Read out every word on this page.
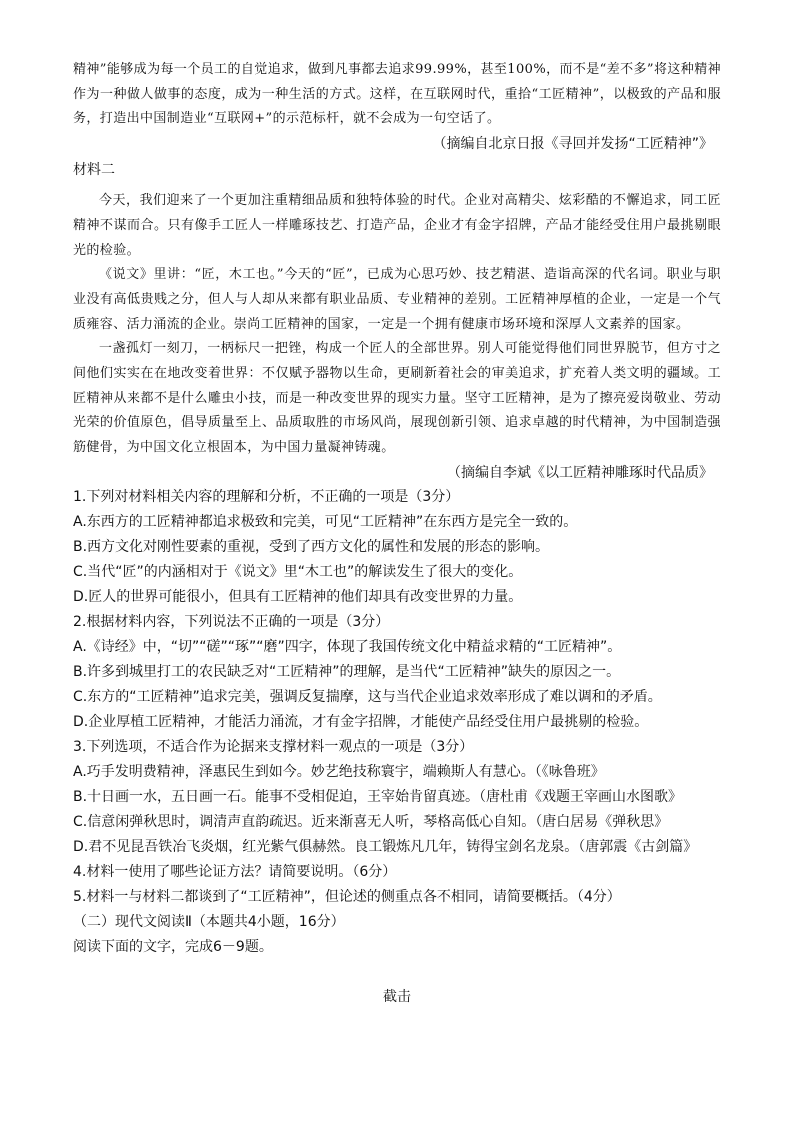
精神”能够成为每一个员工的自觉追求，做到凡事都去追求99.99%，甚至100%，而不是“差不多”将这种精神作为一种做人做事的态度，成为一种生活的方式。这样，在互联网时代，重拾“工匠精神”，以极致的产品和服务，打造出中国制造业“互联网+”的示范标杆，就不会成为一句空话了。

（摘编自北京日报《寻回并发扬“工匠精神”》

材料二

今天，我们迎来了一个更加注重精细品质和独特体验的时代。企业对高精尖、炫彩酷的不懈追求，同工匠精神不谋而合。只有像手工匠人一样雕琢技艺、打造产品，企业才有金字招牌，产品才能经受住用户最挑剔眼光的检验。

《说文》里讲：“匠，木工也。”今天的“匠”，已成为心思巧妙、技艺精湛、造诣高深的代名词。职业与职业没有高低贵贱之分，但人与人却从来都有职业品质、专业精神的差别。工匠精神厚植的企业，一定是一个气质雍容、活力涌流的企业。崇尚工匠精神的国家，一定是一个拥有健康市场环境和深厚人文素养的国家。

一盏孤灯一刻刀，一柄标尺一把锉，构成一个匠人的全部世界。别人可能觉得他们同世界脱节，但方寸之间他们实实在在地改变着世界：不仅赋予器物以生命，更刷新着社会的审美追求，扩充着人类文明的疆域。工匠精神从来都不是什么雕虫小技，而是一种改变世界的现实力量。坚守工匠精神，是为了擦亮爱岗敬业、劳动光荣的价值原色，倡导质量至上、品质取胜的市场风尚，展现创新引领、追求卓越的时代精神，为中国制造强筋健骨，为中国文化立根固本，为中国力量凝神铸魂。

（摘编自李斌《以工匠精神雕琢时代品质》

1.下列对材料相关内容的理解和分析，不正确的一项是（3分）

A.东西方的工匠精神都追求极致和完美，可见“工匠精神”在东西方是完全一致的。

B.西方文化对刚性要素的重视，受到了西方文化的属性和发展的形态的影响。

C.当代“匠”的内涵相对于《说文》里“木工也”的解读发生了很大的变化。

D.匠人的世界可能很小，但具有工匠精神的他们却具有改变世界的力量。

2.根据材料内容，下列说法不正确的一项是（3分）

A.《诗经》中，“切”“磋”“琢”“磨”四字，体现了我国传统文化中精益求精的“工匠精神”。

B.许多到城里打工的农民缺乏对“工匠精神”的理解，是当代“工匠精神”缺失的原因之一。

C.东方的“工匠精神”追求完美，强调反复揣摩，这与当代企业追求效率形成了难以调和的矛盾。

D.企业厚植工匠精神，才能活力涌流，才有金字招牌，才能使产品经受住用户最挑剔的检验。

3.下列选项，不适合作为论据来支撑材料一观点的一项是（3分）

A.巧手发明费精神，泽惠民生到如今。妙艺绝技称寰宇，端赖斯人有慧心。（《咏鲁班》

B.十日画一水，五日画一石。能事不受相促迫，王宰始肯留真迹。（唐杜甫《戏题王宰画山水图歌》

C.信意闲弹秋思时，调清声直韵疏迟。近来渐喜无人听，琴格高低心自知。（唐白居易《弹秋思》

D.君不见昆吾铁冶飞炎烟，红光紫气俱赫然。良工锻炼凡几年，铸得宝剑名龙泉。（唐郭震《古剑篇》

4.材料一使用了哪些论证方法？请简要说明。（6分）

5.材料一与材料二都谈到了“工匠精神”，但论述的侧重点各不相同，请简要概括。（4分）

（二）现代文阅读Ⅱ（本题共4小题，16分）

阅读下面的文字，完成6－9题。

截击
